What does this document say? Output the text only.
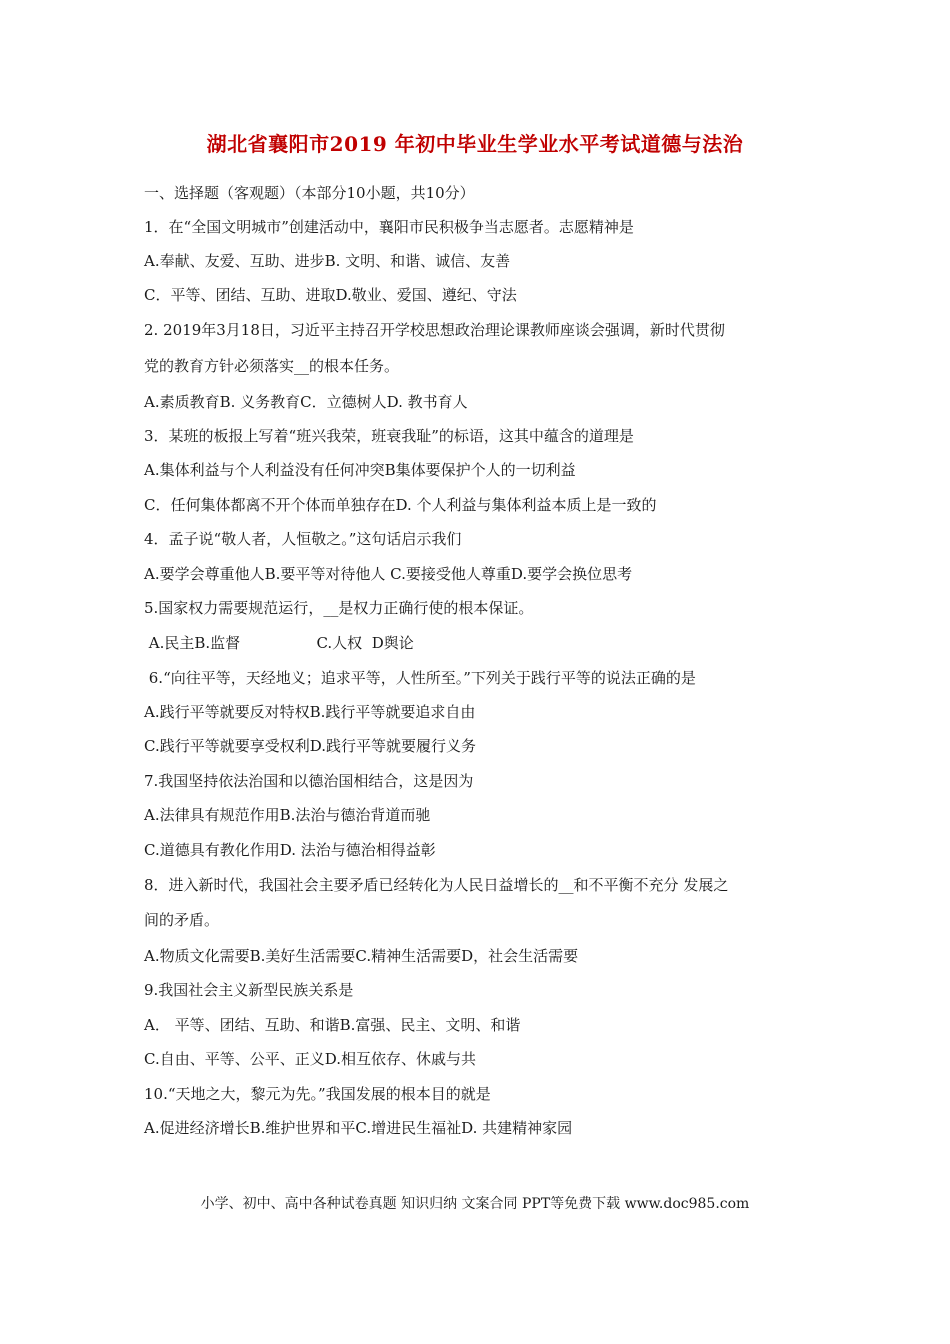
湖北省襄阳市2019 年初中毕业生学业水平考试道德与法治
一、选择题（客观题）（本部分10小题，共10分）
1．在“全国文明城市”创建活动中，襄阳市民积极争当志愿者。志愿精神是
A.奉献、友爱、互助、进步B. 文明、和谐、诚信、友善
C．平等、团结、互助、进取D.敬业、爱国、遵纪、守法
2. 2019年3月18日，习近平主持召开学校思想政治理论课教师座谈会强调，新时代贯彻
党的教育方针必须落实__的根本任务。
A.素质教育B. 义务教育C．立德树人D. 教书育人
3．某班的板报上写着“班兴我荣，班衰我耻”的标语，这其中蕴含的道理是
A.集体利益与个人利益没有任何冲突B集体要保护个人的一切利益
C．任何集体都离不开个体而单独存在D. 个人利益与集体利益本质上是一致的
4．孟子说“敬人者，人恒敬之。”这句话启示我们
A.要学会尊重他人B.要平等对待他人 C.要接受他人尊重D.要学会换位思考
5.国家权力需要规范运行，__是权力正确行使的根本保证。
A.民主B.监督                C.人权  D舆论
6.“向往平等，天经地义；追求平等，人性所至。”下列关于践行平等的说法正确的是
A.践行平等就要反对特权B.践行平等就要追求自由
C.践行平等就要享受权利D.践行平等就要履行义务
7.我国坚持依法治国和以德治国相结合，这是因为
A.法律具有规范作用B.法治与德治背道而驰
C.道德具有教化作用D. 法治与德治相得益彰
8．进入新时代，我国社会主要矛盾已经转化为人民日益增长的__和不平衡不充分 发展之
间的矛盾。
A.物质文化需要B.美好生活需要C.精神生活需要D，社会生活需要
9.我国社会主义新型民族关系是
A． 平等、团结、互助、和谐B.富强、民主、文明、和谐
C.自由、平等、公平、正义D.相互依存、休戚与共
10.“天地之大，黎元为先。”我国发展的根本目的就是
A.促进经济增长B.维护世界和平C.增进民生福祉D. 共建精神家园
小学、初中、高中各种试卷真题 知识归纳 文案合同 PPT等免费下载 www.doc985.com
